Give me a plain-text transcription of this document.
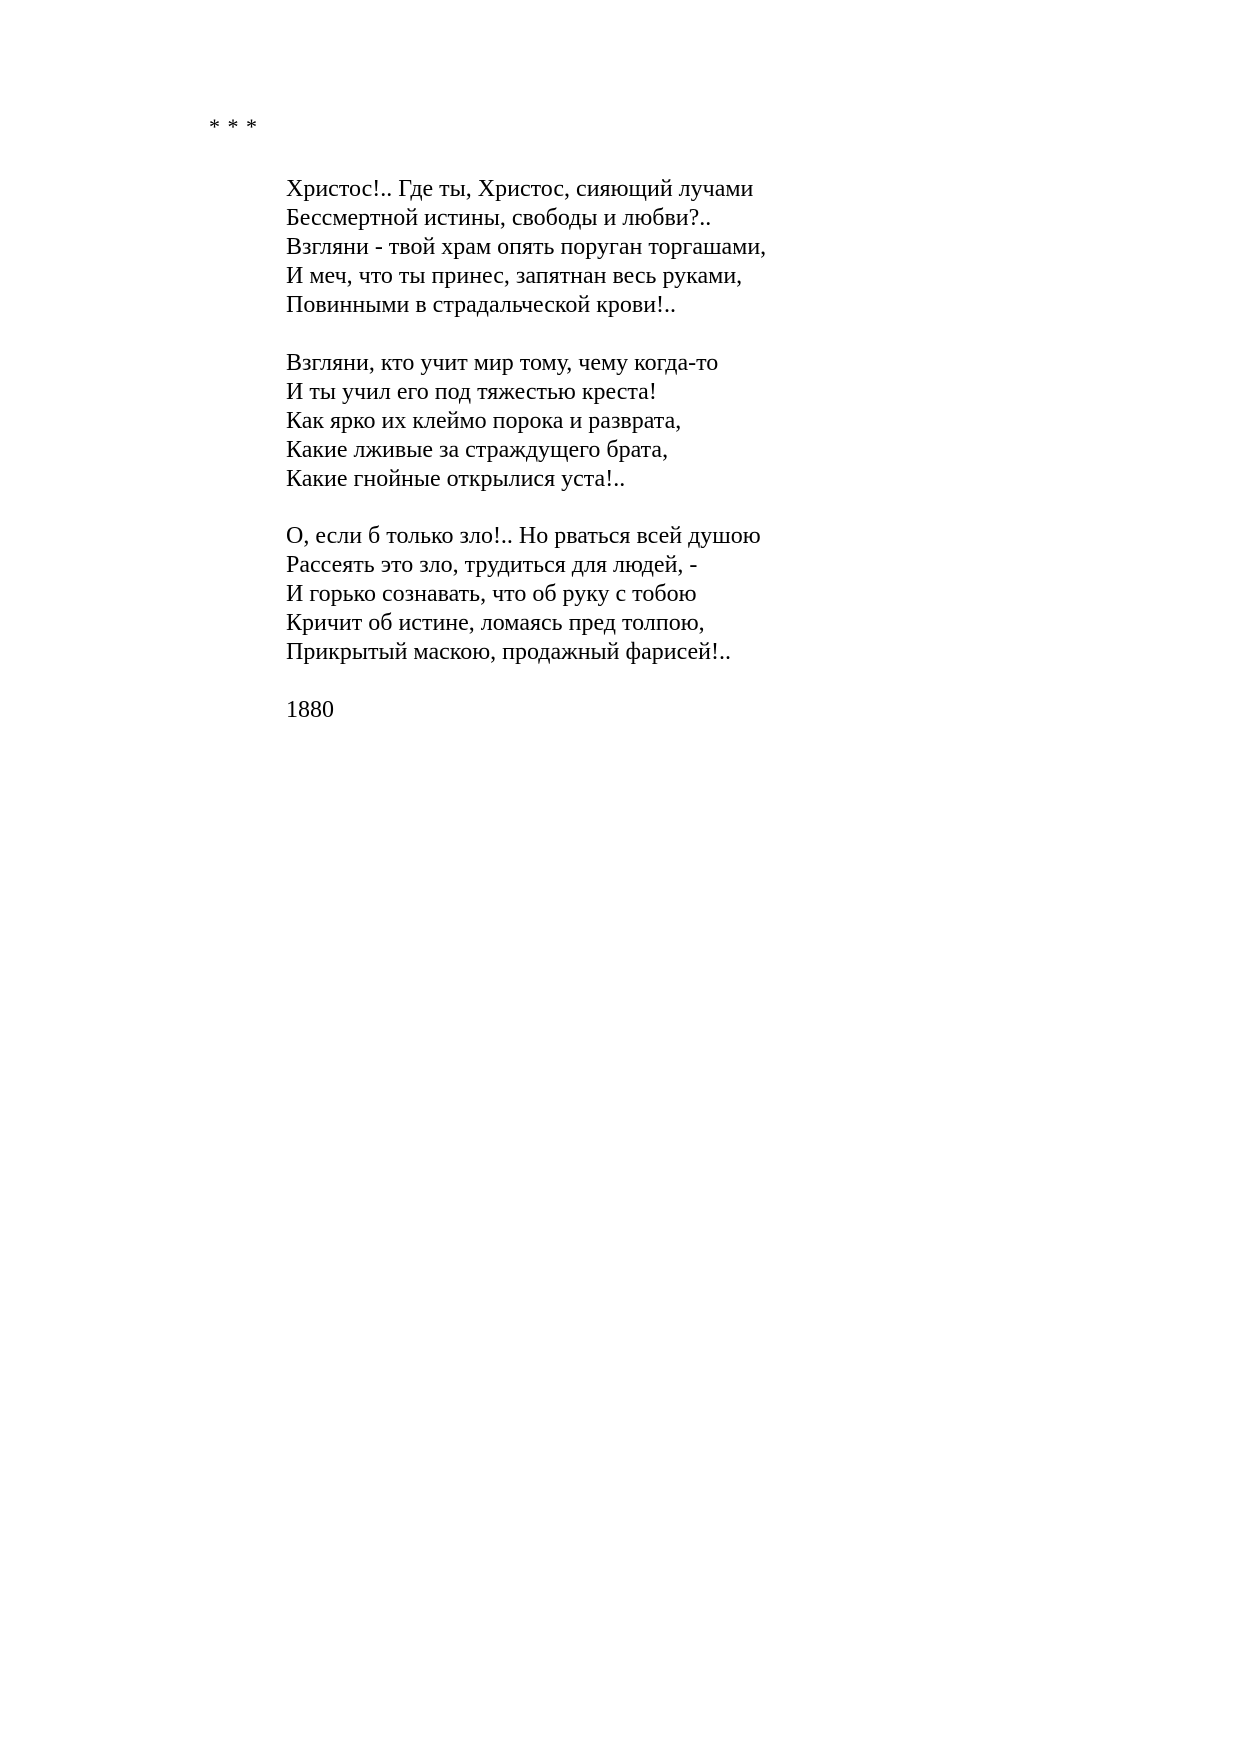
* * *
Христос!.. Где ты, Христос, сияющий лучами
Бессмертной истины, свободы и любви?..
Взгляни - твой храм опять поруган торгашами,
И меч, что ты принес, запятнан весь руками,
Повинными в страдальческой крови!..
Взгляни, кто учит мир тому, чему когда-то
И ты учил его под тяжестью креста!
Как ярко их клеймо порока и разврата,
Какие лживые за страждущего брата,
Какие гнойные открылися уста!..
О, если б только зло!.. Но рваться всей душою
Рассеять это зло, трудиться для людей, -
И горько сознавать, что об руку с тобою
Кричит об истине, ломаясь пред толпою,
Прикрытый маскою, продажный фарисей!..
1880
